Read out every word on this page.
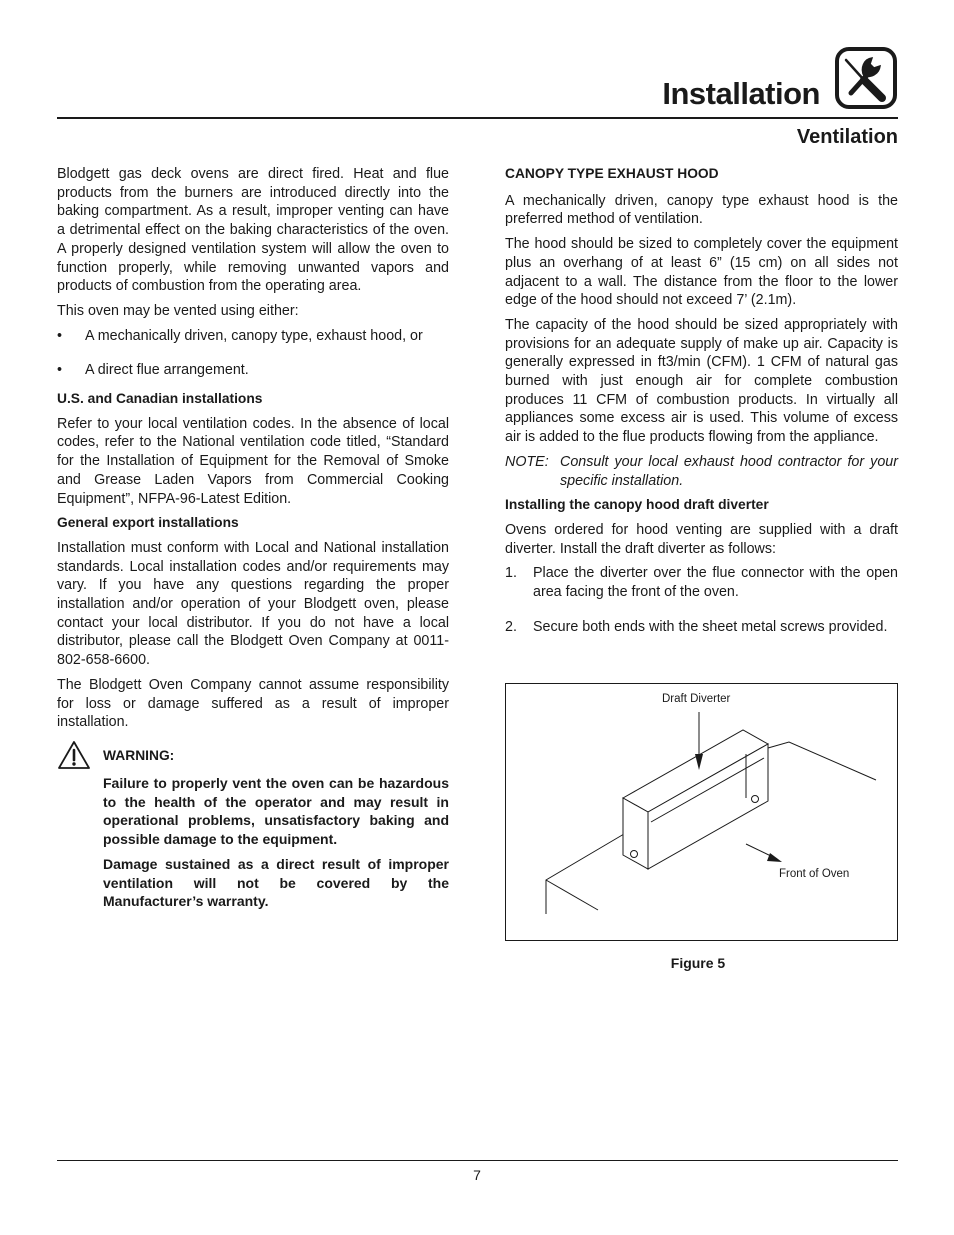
Installation
Ventilation

Blodgett gas deck ovens are direct fired. Heat and flue products from the burners are introduced directly into the baking compartment. As a result, improper venting can have a detrimental effect on the baking characteristics of the oven. A properly designed ventilation system will allow the oven to function properly, while removing unwanted vapors and products of combustion from the operating area.

This oven may be vented using either:

• A mechanically driven, canopy type, exhaust hood, or
• A direct flue arrangement.

U.S. and Canadian installations

Refer to your local ventilation codes. In the absence of local codes, refer to the National ventilation code titled, “Standard for the Installation of Equipment for the Removal of Smoke and Grease Laden Vapors from Commercial Cooking Equipment”, NFPA-96-Latest Edition.

General export installations

Installation must conform with Local and National installation standards. Local installation codes and/or requirements may vary. If you have any questions regarding the proper installation and/or operation of your Blodgett oven, please contact your local distributor. If you do not have a local distributor, please call the Blodgett Oven Company at 0011-802-658-6600.

The Blodgett Oven Company cannot assume responsibility for loss or damage suffered as a result of improper installation.

WARNING:

Failure to properly vent the oven can be hazardous to the health of the operator and may result in operational problems, unsatisfactory baking and possible damage to the equipment.

Damage sustained as a direct result of improper ventilation will not be covered by the Manufacturer’s warranty.

CANOPY TYPE EXHAUST HOOD

A mechanically driven, canopy type exhaust hood is the preferred method of ventilation.

The hood should be sized to completely cover the equipment plus an overhang of at least 6” (15 cm) on all sides not adjacent to a wall. The distance from the floor to the lower edge of the hood should not exceed 7’ (2.1m).

The capacity of the hood should be sized appropriately with provisions for an adequate supply of make up air. Capacity is generally expressed in ft3/min (CFM). 1 CFM of natural gas burned with just enough air for complete combustion produces 11 CFM of combustion products. In virtually all appliances some excess air is used. This volume of excess air is added to the flue products flowing from the appliance.

NOTE: Consult your local exhaust hood contractor for your specific installation.

Installing the canopy hood draft diverter

Ovens ordered for hood venting are supplied with a draft diverter. Install the draft diverter as follows:

1. Place the diverter over the flue connector with the open area facing the front of the oven.
2. Secure both ends with the sheet metal screws provided.
Draft Diverter
Front of Oven
Figure 5
7
